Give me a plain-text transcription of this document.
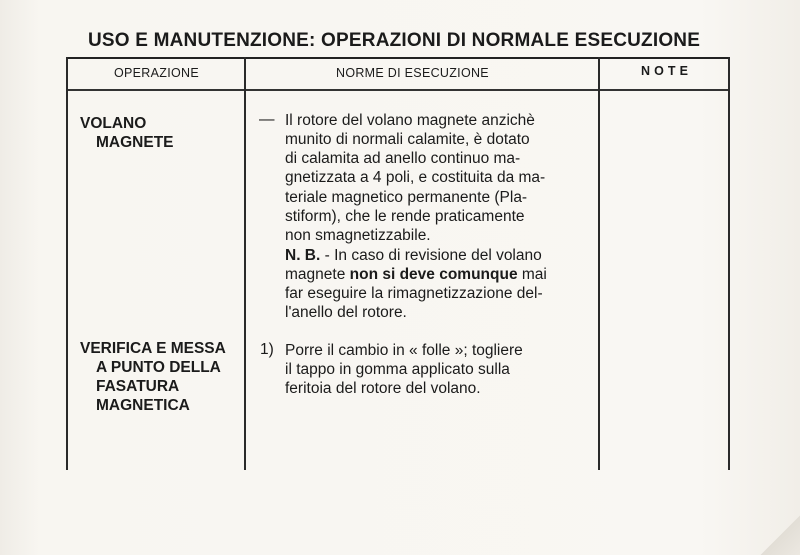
USO E MANUTENZIONE: OPERAZIONI DI NORMALE ESECUZIONE
OPERAZIONE	NORME DI ESECUZIONE	N O T E
VOLANO
MAGNETE
— Il rotore del volano magnete anzichè
munito di normali calamite, è dotato
di calamita ad anello continuo ma-
gnetizzata a 4 poli, e costituita da ma-
teriale magnetico permanente (Pla-
stiform), che le rende praticamente
non smagnetizzabile.
N. B. - In caso di revisione del volano
magnete non si deve comunque mai
far eseguire la rimagnetizzazione del-
l'anello del rotore.
VERIFICA E MESSA
A PUNTO DELLA
FASATURA
MAGNETICA
1) Porre il cambio in « folle »; togliere
il tappo in gomma applicato sulla
feritoia del rotore del volano.
